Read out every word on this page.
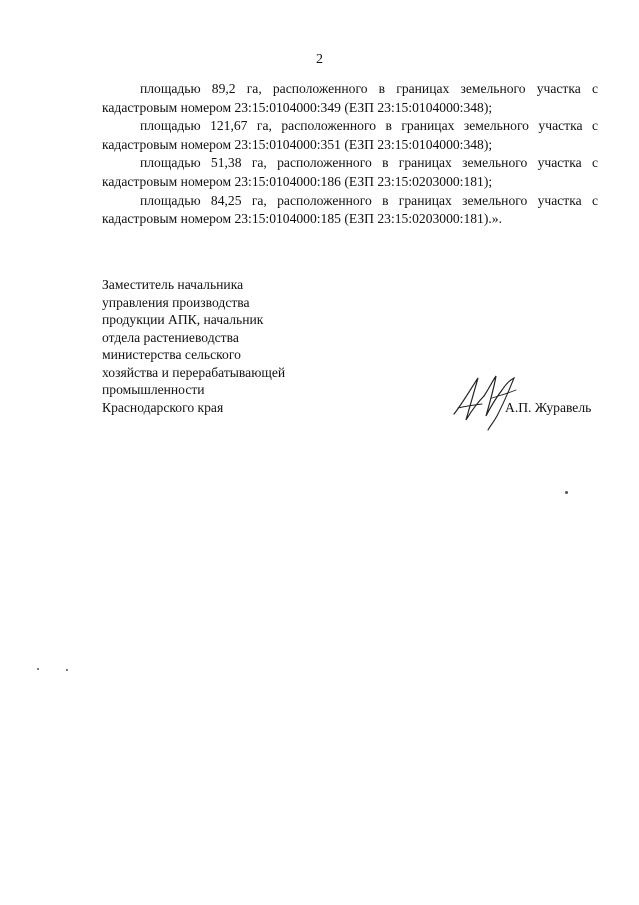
2

площадью 89,2 га, расположенного в границах земельного участка с кадастровым номером 23:15:0104000:349 (ЕЗП 23:15:0104000:348);

площадью 121,67 га, расположенного в границах земельного участка с кадастровым номером 23:15:0104000:351 (ЕЗП 23:15:0104000:348);

площадью 51,38 га, расположенного в границах земельного участка с кадастровым номером 23:15:0104000:186 (ЕЗП 23:15:0203000:181);

площадью 84,25 га, расположенного в границах земельного участка с кадастровым номером 23:15:0104000:185 (ЕЗП 23:15:0203000:181).».

Заместитель начальника
управления производства
продукции АПК, начальник
отдела растениеводства
министерства сельского
хозяйства и перерабатывающей
промышленности
Краснодарского края	А.П. Журавель
